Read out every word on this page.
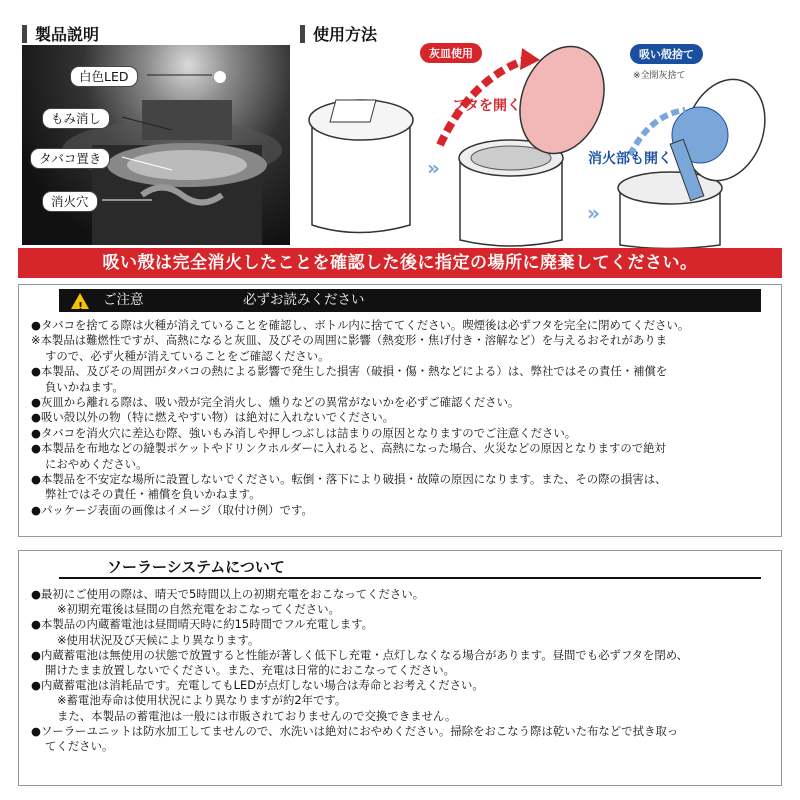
製品説明	使用方法
白色LED
もみ消し
タバコ置き
消火穴
»
»
灰皿使用	吸い殻捨て
※全開灰捨て
フタを開く
消火部も開く
吸い殻は完全消火したことを確認した後に指定の場所に廃棄してください。
! ご注意	必ずお読みください

●タバコを捨てる際は火種が消えていることを確認し、ボトル内に捨ててください。喫煙後は必ずフタを完全に閉めてください。

※本製品は難燃性ですが、高熱になると灰皿、及びその周囲に影響（熱変形・焦げ付き・溶解など）を与えるおそれがありま

すので、必ず火種が消えていることをご確認ください。

●本製品、及びその周囲がタバコの熱による影響で発生した損害（破損・傷・熱などによる）は、弊社ではその責任・補償を

負いかねます。

●灰皿から離れる際は、吸い殻が完全消火し、燻りなどの異常がないかを必ずご確認ください。

●吸い殻以外の物（特に燃えやすい物）は絶対に入れないでください。

●タバコを消火穴に差込む際、強いもみ消しや押しつぶしは詰まりの原因となりますのでご注意ください。

●本製品を布地などの縫製ポケットやドリンクホルダーに入れると、高熱になった場合、火災などの原因となりますので絶対

におやめください。

●本製品を不安定な場所に設置しないでください。転倒・落下により破損・故障の原因になります。また、その際の損害は、

弊社ではその責任・補償を負いかねます。

●パッケージ表面の画像はイメージ（取付け例）です。

ソーラーシステムについて

●最初にご使用の際は、晴天で5時間以上の初期充電をおこなってください。

※初期充電後は昼間の自然充電をおこなってください。

●本製品の内蔵蓄電池は昼間晴天時に約15時間でフル充電します。

※使用状況及び天候により異なります。

●内蔵蓄電池は無使用の状態で放置すると性能が著しく低下し充電・点灯しなくなる場合があります。昼間でも必ずフタを閉め、

開けたまま放置しないでください。また、充電は日常的におこなってください。

●内蔵蓄電池は消耗品です。充電してもLEDが点灯しない場合は寿命とお考えください。

※蓄電池寿命は使用状況により異なりますが約2年です。

また、本製品の蓄電池は一般には市販されておりませんので交換できません。

●ソーラーユニットは防水加工してませんので、水洗いは絶対におやめください。掃除をおこなう際は乾いた布などで拭き取っ

てください。
